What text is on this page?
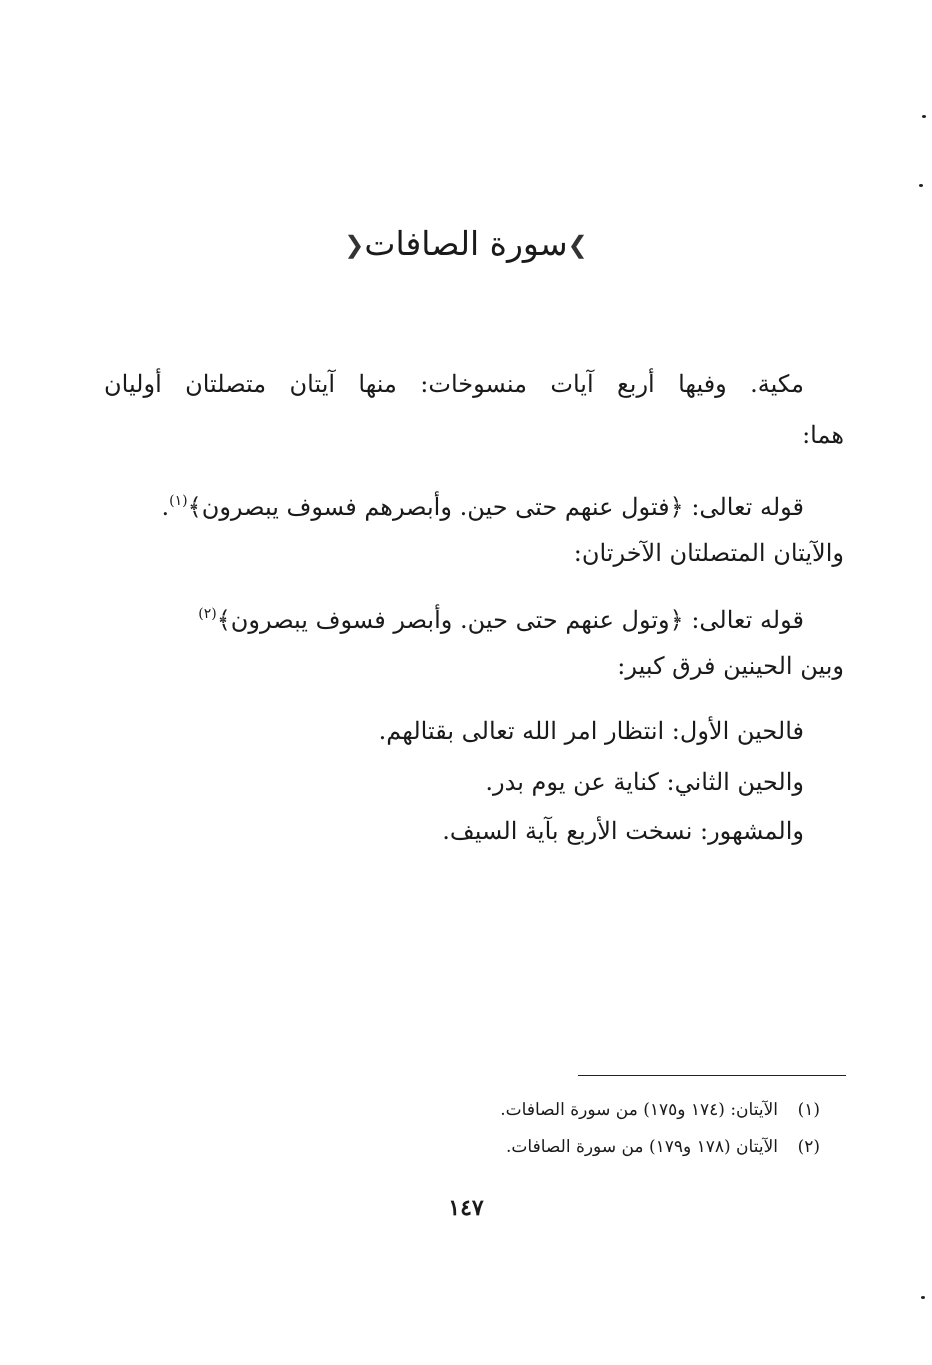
❯سورة الصافات❮
مكية. وفيها أربع آيات منسوخات: منها آيتان متصلتان أوليان
هما:
قوله تعالى: ﴿فتول عنهم حتى حين. وأبصرهم فسوف يبصرون﴾$^{(١)}$.
والآيتان المتصلتان الآخرتان:
قوله تعالى: ﴿وتول عنهم حتى حين. وأبصر فسوف يبصرون﴾$^{(٢)}$
وبين الحينين فرق كبير:
فالحين الأول: انتظار امر الله تعالى بقتالهم.
والحين الثاني: كناية عن يوم بدر.
والمشهور: نسخت الأربع بآية السيف.
(١)الآيتان: (١٧٤ و١٧٥) من سورة الصافات.
(٢)الآيتان (١٧٨ و١٧٩) من سورة الصافات.
١٤٧
